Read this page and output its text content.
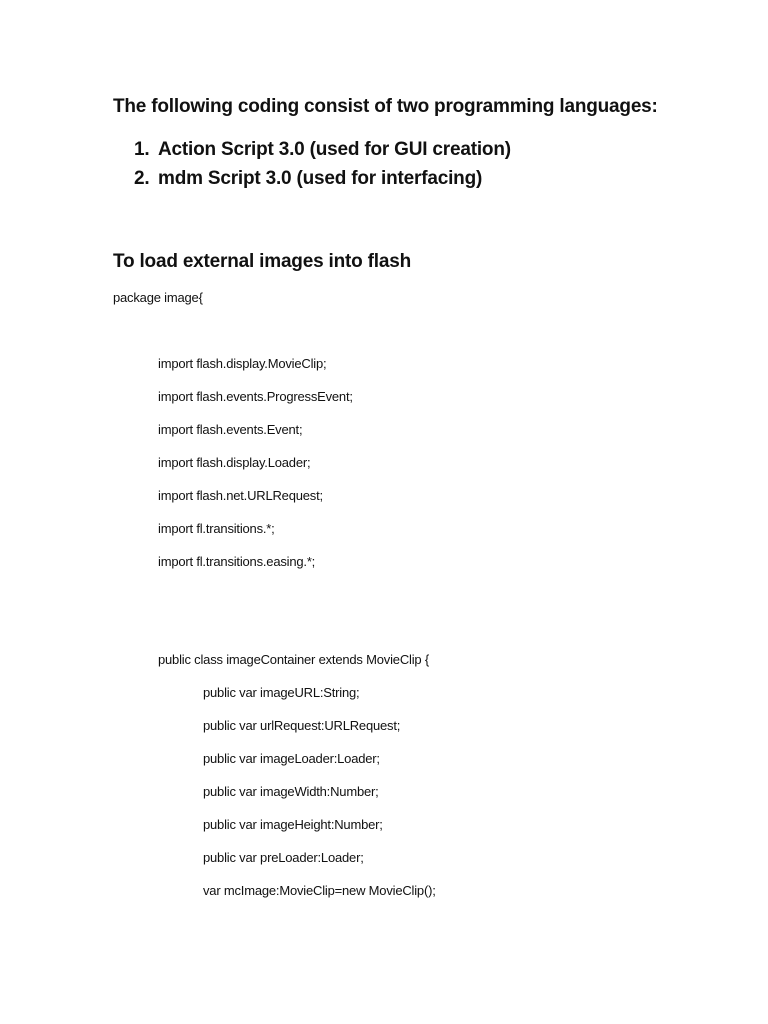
The following coding consist of two programming languages:
1. Action Script 3.0 (used for GUI creation)
2. mdm Script 3.0 (used for interfacing)
To load external images into flash
package image{
import flash.display.MovieClip;
import flash.events.ProgressEvent;
import flash.events.Event;
import flash.display.Loader;
import flash.net.URLRequest;
import fl.transitions.*;
import fl.transitions.easing.*;
public class imageContainer extends MovieClip {
public var imageURL:String;
public var urlRequest:URLRequest;
public var imageLoader:Loader;
public var imageWidth:Number;
public var imageHeight:Number;
public var preLoader:Loader;
var mcImage:MovieClip=new MovieClip();
